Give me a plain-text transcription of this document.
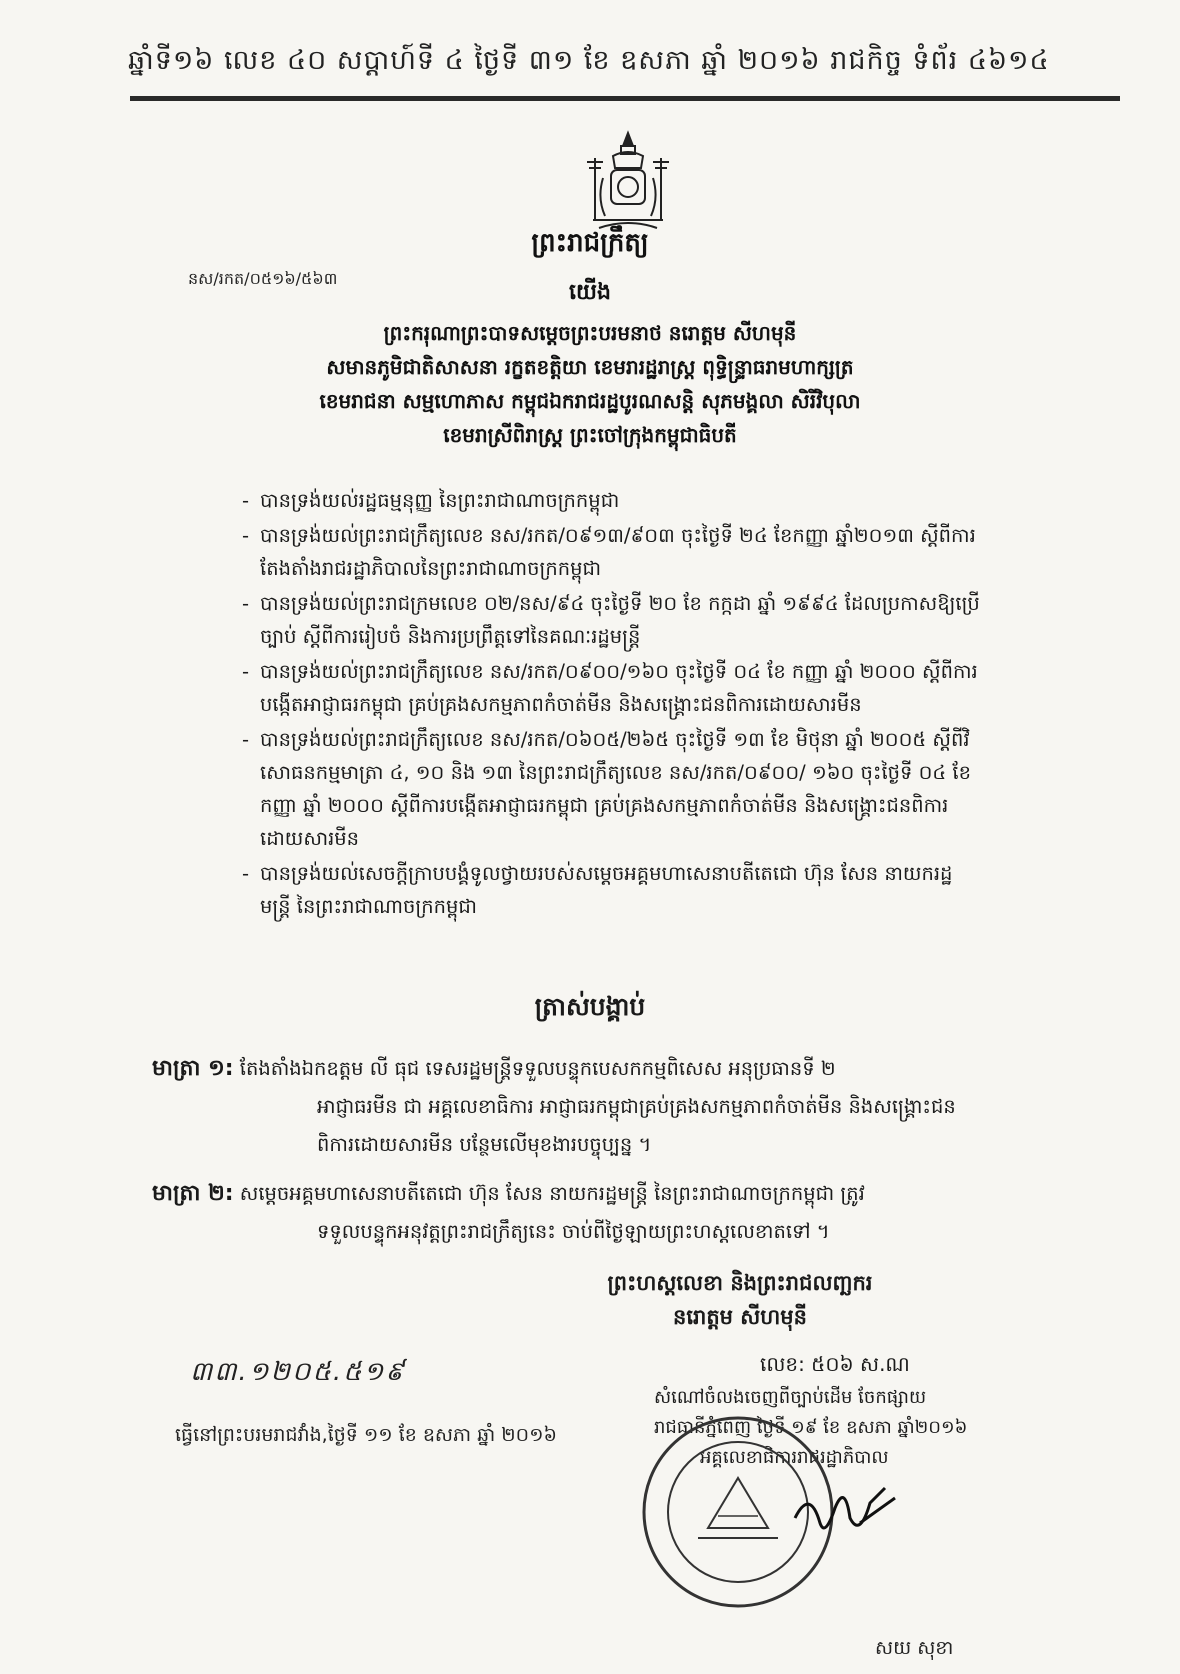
ឆ្នាំទី១៦ លេខ ៤០ សប្តាហ៍ទី ៤ ថ្ងៃទី ៣១ ខែ ឧសភា ឆ្នាំ ២០១៦ រាជកិច្ច ទំព័រ ៤៦១៤
នស/រកត/០៥១៦/៥៦៣
ព្រះរាជក្រឹត្យ
យើង
ព្រះករុណាព្រះបាទសម្តេចព្រះបរមនាថ នរោត្តម សីហមុនី
សមានភូមិជាតិសាសនា រក្ខតខត្តិយា ខេមរារដ្ឋរាស្ត្រ ពុទ្ធិន្ទ្រាធរាមហាក្សត្រ
ខេមរាជនា សម្មហោភាស កម្ពុជឯករាជរដ្ឋបូរណសន្តិ សុភមង្គលា សិរីវិបុលា
ខេមរាស្រីពិរាស្ត្រ ព្រះចៅក្រុងកម្ពុជាធិបតី
- បានទ្រង់យល់រដ្ឋធម្មនុញ្ញ នៃព្រះរាជាណាចក្រកម្ពុជា
- បានទ្រង់យល់ព្រះរាជក្រឹត្យលេខ នស/រកត/០៩១៣/៩០៣ ចុះថ្ងៃទី ២៤ ខែកញ្ញា ឆ្នាំ២០១៣ ស្តីពីការតែងតាំងរាជរដ្ឋាភិបាលនៃព្រះរាជាណាចក្រកម្ពុជា
- បានទ្រង់យល់ព្រះរាជក្រមលេខ ០២/នស/៩៤ ចុះថ្ងៃទី ២០ ខែ កក្កដា ឆ្នាំ ១៩៩៤ ដែលប្រកាសឱ្យប្រើច្បាប់ ស្តីពីការរៀបចំ និងការប្រព្រឹត្តទៅនៃគណៈរដ្ឋមន្ត្រី
- បានទ្រង់យល់ព្រះរាជក្រឹត្យលេខ នស/រកត/០៩០០/១៦០ ចុះថ្ងៃទី ០៤ ខែ កញ្ញា ឆ្នាំ ២០០០ ស្តីពីការបង្កើតអាជ្ញាធរកម្ពុជា គ្រប់គ្រងសកម្មភាពកំចាត់មីន និងសង្គ្រោះជនពិការដោយសារមីន
- បានទ្រង់យល់ព្រះរាជក្រឹត្យលេខ នស/រកត/០៦០៥/២៦៥ ចុះថ្ងៃទី ១៣ ខែ មិថុនា ឆ្នាំ ២០០៥ ស្តីពីវិសោធនកម្មមាត្រា ៤, ១០ និង ១៣ នៃព្រះរាជក្រឹត្យលេខ នស/រកត/០៩០០/ ១៦០ ចុះថ្ងៃទី ០៤ ខែ កញ្ញា ឆ្នាំ ២០០០ ស្តីពីការបង្កើតអាជ្ញាធរកម្ពុជា គ្រប់គ្រងសកម្មភាពកំចាត់មីន និងសង្គ្រោះជនពិការដោយសារមីន
- បានទ្រង់យល់សេចក្តីក្រាបបង្គំទូលថ្វាយរបស់សម្តេចអគ្គមហាសេនាបតីតេជោ ហ៊ុន សែន នាយករដ្ឋមន្ត្រី នៃព្រះរាជាណាចក្រកម្ពុជា
ត្រាស់បង្គាប់
មាត្រា ១: តែងតាំងឯកឧត្តម លី ធុជ ទេសរដ្ឋមន្ត្រីទទួលបន្ទុកបេសកកម្មពិសេស អនុប្រធានទី ២
អាជ្ញាធរមីន ជា អគ្គលេខាធិការ អាជ្ញាធរកម្ពុជាគ្រប់គ្រងសកម្មភាពកំចាត់មីន និងសង្គ្រោះជន
ពិការដោយសារមីន បន្ថែមលើមុខងារបច្ចុប្បន្ន ។
មាត្រា ២: សម្តេចអគ្គមហាសេនាបតីតេជោ ហ៊ុន សែន នាយករដ្ឋមន្ត្រី នៃព្រះរាជាណាចក្រកម្ពុជា ត្រូវ
ទទួលបន្ទុកអនុវត្តព្រះរាជក្រឹត្យនេះ ចាប់ពីថ្ងៃឡាយព្រះហស្តលេខាតទៅ ។
ព្រះហស្តលេខា និងព្រះរាជលញ្ឆករ
នរោត្តម សីហមុនី
៣៣.១២០៥.៥១៩	លេខ: ៥០៦ ស.ណ
សំណៅចំលងចេញពីច្បាប់ដើម ចែកផ្សាយ
រាជធានីភ្នំពេញ ថ្ងៃទី ១៩ ខែ ឧសភា ឆ្នាំ២០១៦
អគ្គលេខាធិការរាជរដ្ឋាភិបាល
ធ្វើនៅព្រះបរមរាជវាំង,ថ្ងៃទី ១១ ខែ ឧសភា ឆ្នាំ ២០១៦
សយ សុខា
